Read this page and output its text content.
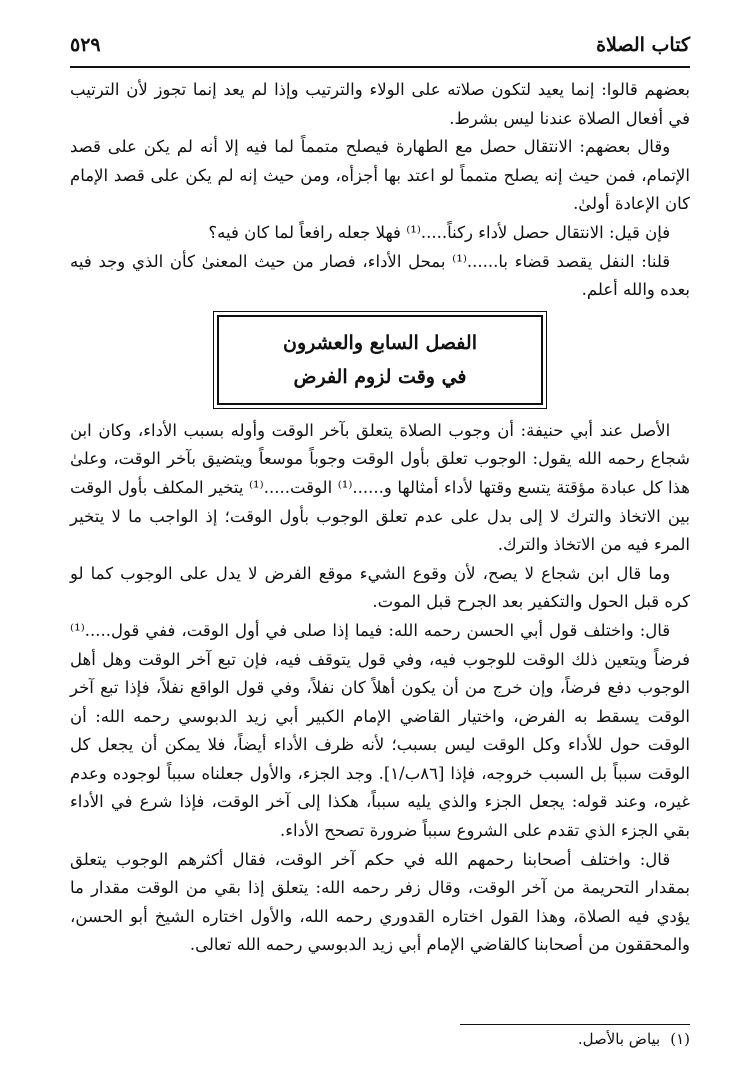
كتاب الصلاة
٥٢٩

بعضهم قالوا: إنما يعيد لتكون صلاته على الولاء والترتيب وإذا لم يعد إنما تجوز لأن الترتيب في أفعال الصلاة عندنا ليس بشرط.

وقال بعضهم: الانتقال حصل مع الطهارة فيصلح متمماً لما فيه إلا أنه لم يكن على قصد الإتمام، فمن حيث إنه يصلح متمماً لو اعتد بها أجزأه، ومن حيث إنه لم يكن على قصد الإمام كان الإعادة أولىٰ.

فإن قيل: الانتقال حصل لأداء ركناً.....⁽¹⁾ فهلا جعله رافعاً لما كان فيه؟

قلنا: النفل يقصد قضاء با......⁽¹⁾ بمحل الأداء، فصار من حيث المعنىٰ كأن الذي وجد فيه بعده والله أعلم.

الفصل السابع والعشرون
في وقت لزوم الفرض

الأصل عند أبي حنيفة: أن وجوب الصلاة يتعلق بآخر الوقت وأوله بسبب الأداء، وكان ابن شجاع رحمه الله يقول: الوجوب تعلق بأول الوقت وجوباً موسعاً ويتضيق بآخر الوقت، وعلىٰ هذا كل عبادة مؤقتة يتسع وقتها لأداء أمثالها و......⁽¹⁾ الوقت.....⁽¹⁾ يتخير المكلف بأول الوقت بين الاتخاذ والترك لا إلى بدل على عدم تعلق الوجوب بأول الوقت؛ إذ الواجب ما لا يتخير المرء فيه من الاتخاذ والترك.

وما قال ابن شجاع لا يصح، لأن وقوع الشيء موقع الفرض لا يدل على الوجوب كما لو كره قبل الحول والتكفير بعد الجرح قبل الموت.

قال: واختلف قول أبي الحسن رحمه الله: فيما إذا صلى في أول الوقت، ففي قول.....⁽¹⁾ فرضاً ويتعين ذلك الوقت للوجوب فيه، وفي قول يتوقف فيه، فإن تبع آخر الوقت وهل أهل الوجوب دفع فرضاً، وإن خرج من أن يكون أهلاً كان نفلاً، وفي قول الواقع نفلاً، فإذا تبع آخر الوقت يسقط به الفرض، واختيار القاضي الإمام الكبير أبي زيد الدبوسي رحمه الله: أن الوقت حول للأداء وكل الوقت ليس بسبب؛ لأنه ظرف الأداء أيضاً، فلا يمكن أن يجعل كل الوقت سبباً بل السبب خروجه، فإذا [٨٦ب/١]. وجد الجزء، والأول جعلناه سبباً لوجوده وعدم غيره، وعند قوله: يجعل الجزء والذي يليه سبباً، هكذا إلى آخر الوقت، فإذا شرع في الأداء بقي الجزء الذي تقدم على الشروع سبباً ضرورة تصحح الأداء.

قال: واختلف أصحابنا رحمهم الله في حكم آخر الوقت، فقال أكثرهم الوجوب يتعلق بمقدار التحريمة من آخر الوقت، وقال زفر رحمه الله: يتعلق إذا بقي من الوقت مقدار ما يؤدي فيه الصلاة، وهذا القول اختاره القدوري رحمه الله، والأول اختاره الشيخ أبو الحسن، والمحققون من أصحابنا كالقاضي الإمام أبي زيد الدبوسي رحمه الله تعالى.

(١)بياض بالأصل.
